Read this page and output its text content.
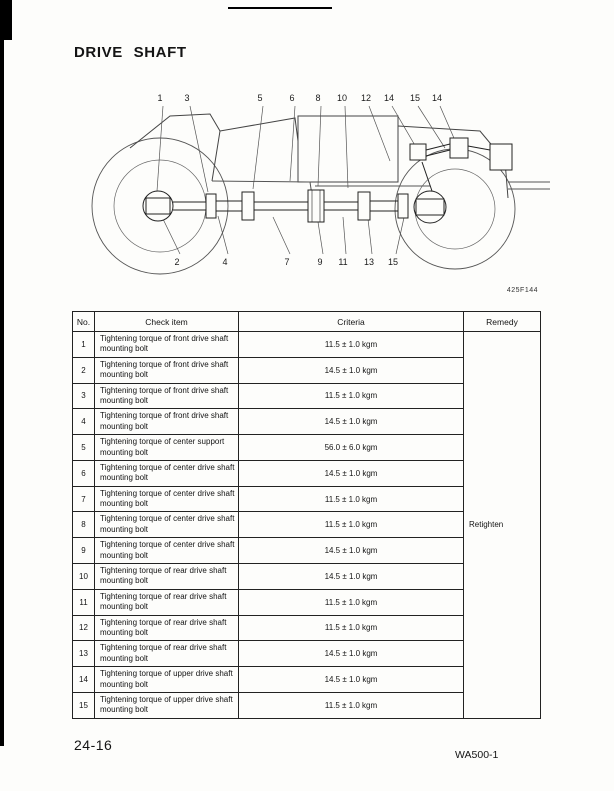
DRIVE SHAFT
1 3	5	6 8 10 12 14 15 14
2	4	7	9 11 13 15
425F144
No.	Check item	Criteria	Remedy
1	Tightening torque of front drive shaft mounting bolt	11.5 ± 1.0 kgm	Retighten
2	Tightening torque of front drive shaft mounting bolt	14.5 ± 1.0 kgm	
3	Tightening torque of front drive shaft mounting bolt	11.5 ± 1.0 kgm	
4	Tightening torque of front drive shaft mounting bolt	14.5 ± 1.0 kgm	
5	Tightening torque of center support mounting bolt	56.0 ± 6.0 kgm	
6	Tightening torque of center drive shaft mounting bolt	14.5 ± 1.0 kgm	
7	Tightening torque of center drive shaft mounting bolt	11.5 ± 1.0 kgm	
8	Tightening torque of center drive shaft mounting bolt	11.5 ± 1.0 kgm	
9	Tightening torque of center drive shaft mounting bolt	14.5 ± 1.0 kgm	
10	Tightening torque of rear drive shaft mounting bolt	14.5 ± 1.0 kgm	
11	Tightening torque of rear drive shaft mounting bolt	11.5 ± 1.0 kgm	
12	Tightening torque of rear drive shaft mounting bolt	11.5 ± 1.0 kgm	
13	Tightening torque of rear drive shaft mounting bolt	14.5 ± 1.0 kgm	
14	Tightening torque of upper drive shaft mounting bolt	14.5 ± 1.0 kgm	
15	Tightening torque of upper drive shaft mounting bolt	11.5 ± 1.0 kgm	
24-16
WA500-1
